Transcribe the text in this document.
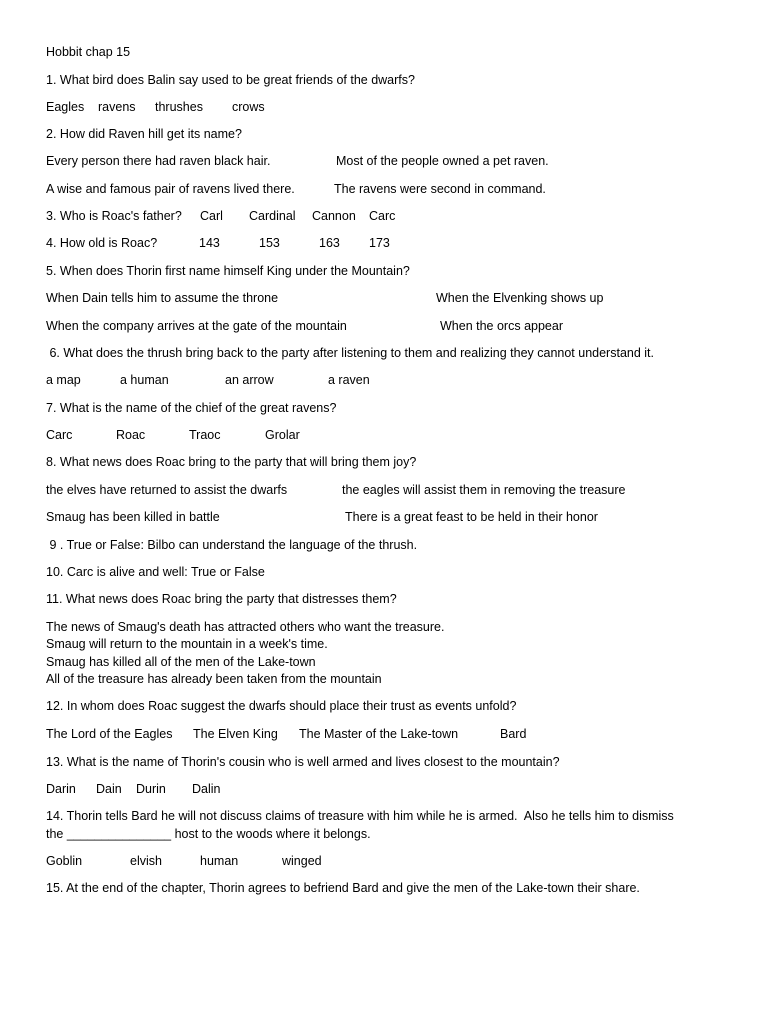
Hobbit chap 15
1. What bird does Balin say used to be great friends of the dwarfs?
Eagles ravens thrushes crows
2. How did Raven hill get its name?
Every person there had raven black hair.	Most of the people owned a pet raven.
A wise and famous pair of ravens lived there.	The ravens were second in command.
3. Who is Roac's father? Carl Cardinal Cannon Carc
4. How old is Roac?	143	153	163 173
5. When does Thorin first name himself King under the Mountain?
When Dain tells him to assume the throne	When the Elvenking shows up
When the company arrives at the gate of the mountain	When the orcs appear
6. What does the thrush bring back to the party after listening to them and realizing they cannot understand it.
a map	a human	an arrow	a raven
7. What is the name of the chief of the great ravens?
Carc	Roac	Traoc	Grolar
8. What news does Roac bring to the party that will bring them joy?
the elves have returned to assist the dwarfs	the eagles will assist them in removing the treasure
Smaug has been killed in battle	There is a great feast to be held in their honor
9 . True or False: Bilbo can understand the language of the thrush.
10. Carc is alive and well: True or False
11. What news does Roac bring the party that distresses them?
The news of Smaug's death has attracted others who want the treasure.
Smaug will return to the mountain in a week's time.
Smaug has killed all of the men of the Lake-town
All of the treasure has already been taken from the mountain
12. In whom does Roac suggest the dwarfs should place their trust as events unfold?
The Lord of the Eagles The Elven King The Master of the Lake-town	Bard
13. What is the name of Thorin's cousin who is well armed and lives closest to the mountain?
Darin Dain Durin Dalin
14. Thorin tells Bard he will not discuss claims of treasure with him while he is armed.  Also he tells him to dismiss
the _______________ host to the woods where it belongs.
Goblin	elvish	human	winged
15. At the end of the chapter, Thorin agrees to befriend Bard and give the men of the Lake-town their share.
